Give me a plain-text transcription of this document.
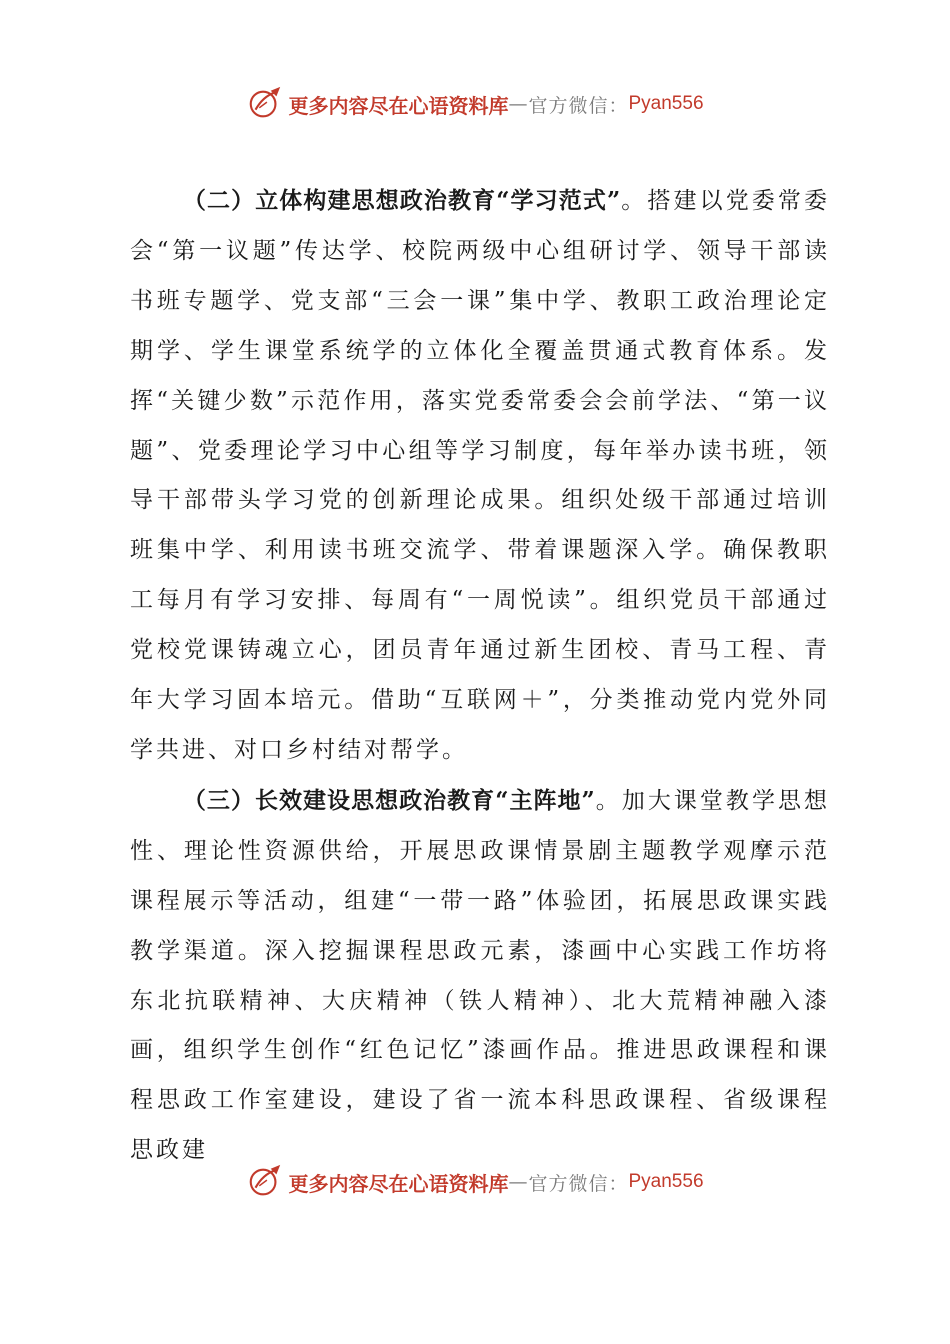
更多内容尽在心语资料库 — 官方微信： Pyan556

（二）立体构建思想政治教育“学习范式”。搭建以党委常委会“第一议题”传达学、校院两级中心组研讨学、领导干部读书班专题学、党支部“三会一课”集中学、教职工政治理论定期学、学生课堂系统学的立体化全覆盖贯通式教育体系。发挥“关键少数”示范作用，落实党委常委会会前学法、“第一议题”、党委理论学习中心组等学习制度，每年举办读书班，领导干部带头学习党的创新理论成果。组织处级干部通过培训班集中学、利用读书班交流学、带着课题深入学。确保教职工每月有学习安排、每周有“一周悦读”。组织党员干部通过党校党课铸魂立心，团员青年通过新生团校、青马工程、青年大学习固本培元。借助“互联网＋”，分类推动党内党外同学共进、对口乡村结对帮学。

（三）长效建设思想政治教育“主阵地”。加大课堂教学思想性、理论性资源供给，开展思政课情景剧主题教学观摩示范课程展示等活动，组建“一带一路”体验团，拓展思政课实践教学渠道。深入挖掘课程思政元素，漆画中心实践工作坊将东北抗联精神、大庆精神（铁人精神）、北大荒精神融入漆画，组织学生创作“红色记忆”漆画作品。推进思政课程和课程思政工作室建设，建设了省一流本科思政课程、省级课程思政建

更多内容尽在心语资料库 — 官方微信： Pyan556
